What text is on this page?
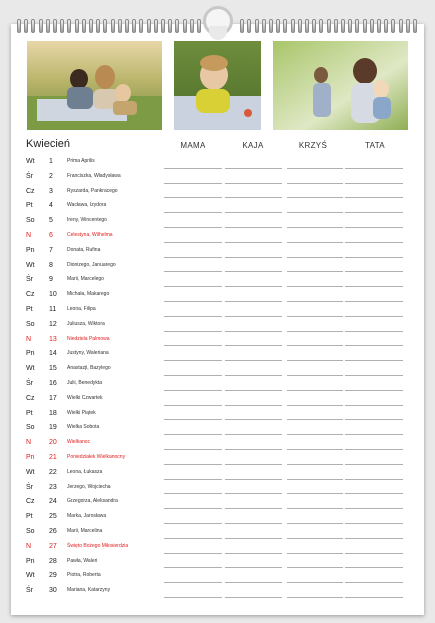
Kwiecień	MAMA	KAJA	KRZYŚ	TATA
Wt 1	Prima Aprilis
Śr 2	Franciszka, Władysława
Cz 3	Ryszarda, Pankracego
Pt 4	Wacława, Izydora
So 5	Ireny, Wincentego
N	6	Celestyna, Wilhelma
Pn 7	Donata, Rufina
Wt 8	Dionizego, Januarego
Śr 9	Marii, Marcelego
Cz 10 Michała, Makarego
Pt 11 Leona, Filipa
So 12 Juliusza, Wiktora
N	13 Niedziela Palmowa
Pn 14 Justyny, Waleriana
Wt 15 Anastazji, Bazylego
Śr 16 Julii, Benedykta
Cz 17 Wielki Czwartek
Pt 18 Wielki Piątek
So 19 Wielka Sobota
N	20 Wielkanoc
Pn 21 Poniedziałek Wielkanocny
Wt 22 Leona, Łukasza
Śr 23 Jerzego, Wojciecha
Cz 24 Grzegorza, Aleksandra
Pt 25 Marka, Jarosława
So 26 Marii, Marcelina
N	27 Święto Bożego Miłosierdzia
Pn 28 Pawła, Waleri
Wt 29 Piotra, Roberta
Śr 30 Mariana, Katarzyny
